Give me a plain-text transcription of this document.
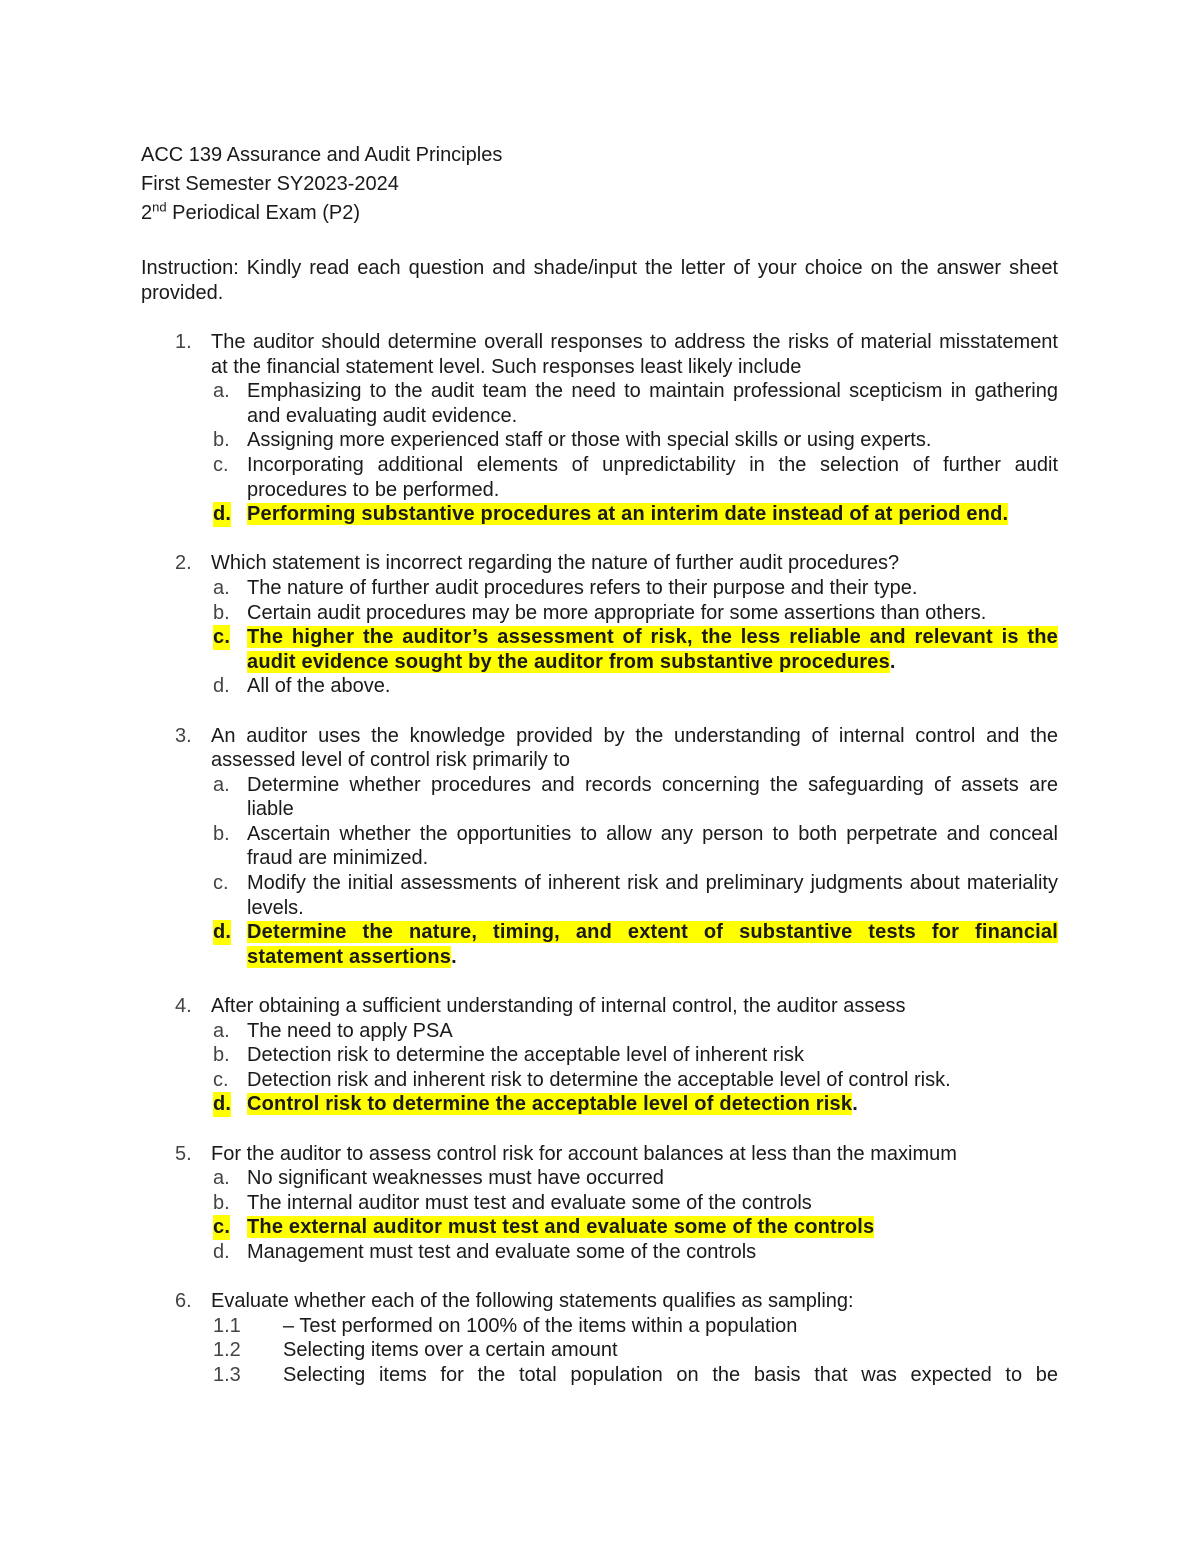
ACC 139 Assurance and Audit Principles
First Semester SY2023-2024
2nd Periodical Exam (P2)
Instruction: Kindly read each question and shade/input the letter of your choice on the answer sheet provided.
1. The auditor should determine overall responses to address the risks of material misstatement at the financial statement level. Such responses least likely include
a. Emphasizing to the audit team the need to maintain professional scepticism in gathering and evaluating audit evidence.
b. Assigning more experienced staff or those with special skills or using experts.
c. Incorporating additional elements of unpredictability in the selection of further audit procedures to be performed.
d. Performing substantive procedures at an interim date instead of at period end.
2. Which statement is incorrect regarding the nature of further audit procedures?
a. The nature of further audit procedures refers to their purpose and their type.
b. Certain audit procedures may be more appropriate for some assertions than others.
c. The higher the auditor’s assessment of risk, the less reliable and relevant is the audit evidence sought by the auditor from substantive procedures.
d. All of the above.
3. An auditor uses the knowledge provided by the understanding of internal control and the assessed level of control risk primarily to
a. Determine whether procedures and records concerning the safeguarding of assets are liable
b. Ascertain whether the opportunities to allow any person to both perpetrate and conceal fraud are minimized.
c. Modify the initial assessments of inherent risk and preliminary judgments about materiality levels.
d. Determine the nature, timing, and extent of substantive tests for financial statement assertions.
4. After obtaining a sufficient understanding of internal control, the auditor assess
a. The need to apply PSA
b. Detection risk to determine the acceptable level of inherent risk
c. Detection risk and inherent risk to determine the acceptable level of control risk.
d. Control risk to determine the acceptable level of detection risk.
5. For the auditor to assess control risk for account balances at less than the maximum
a. No significant weaknesses must have occurred
b. The internal auditor must test and evaluate some of the controls
c. The external auditor must test and evaluate some of the controls
d. Management must test and evaluate some of the controls
6. Evaluate whether each of the following statements qualifies as sampling:
1.1 – Test performed on 100% of the items within a population
1.2 Selecting items over a certain amount
1.3 Selecting items for the total population on the basis that was expected to be
